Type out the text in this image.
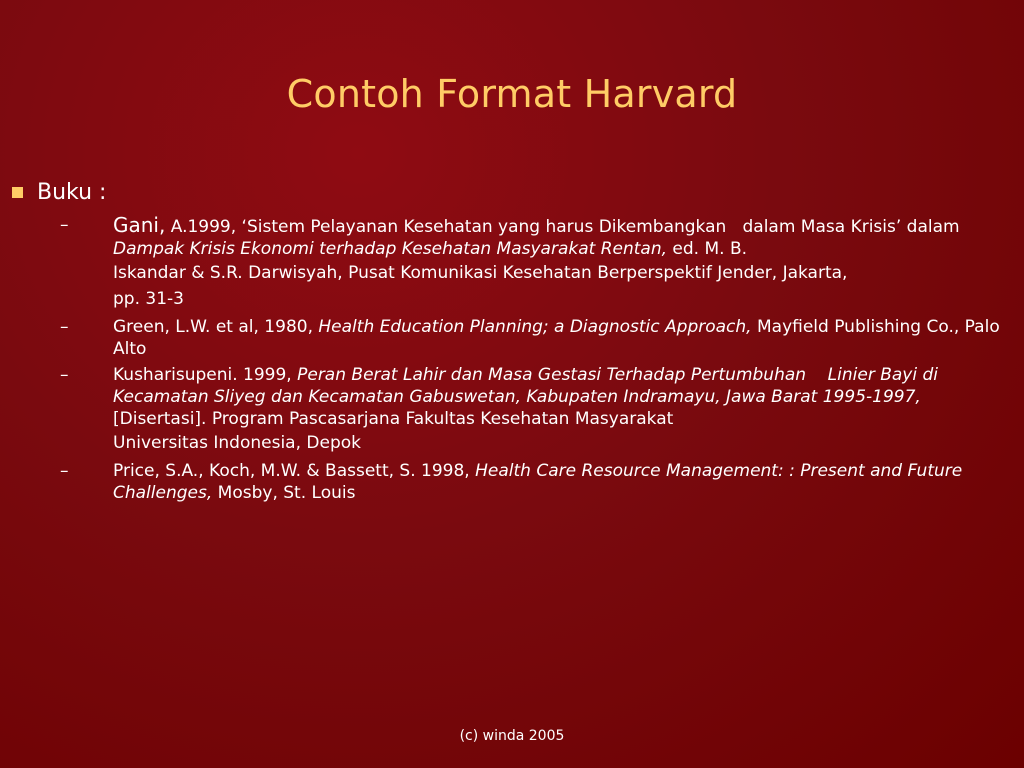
Contoh Format Harvard
Buku :
– Gani, A.1999, ‘Sistem Pelayanan Kesehatan yang harus Dikembangkan   dalam Masa Krisis’ dalam Dampak Krisis Ekonomi terhadap Kesehatan Masyarakat Rentan, ed. M. B.
Iskandar & S.R. Darwisyah, Pusat Komunikasi Kesehatan Berperspektif Jender, Jakarta,
pp. 31-3
–	Green, L.W. et al, 1980, Health Education Planning; a Diagnostic Approach, Mayfield Publishing Co., Palo Alto
–	Kusharisupeni. 1999, Peran Berat Lahir dan Masa Gestasi Terhadap Pertumbuhan    Linier Bayi di Kecamatan Sliyeg dan Kecamatan Gabuswetan, Kabupaten Indramayu, Jawa Barat 1995-1997, [Disertasi]. Program Pascasarjana Fakultas Kesehatan Masyarakat
Universitas Indonesia, Depok
–	Price, S.A., Koch, M.W. & Bassett, S. 1998, Health Care Resource Management: : Present and Future Challenges, Mosby, St. Louis
(c) winda 2005
